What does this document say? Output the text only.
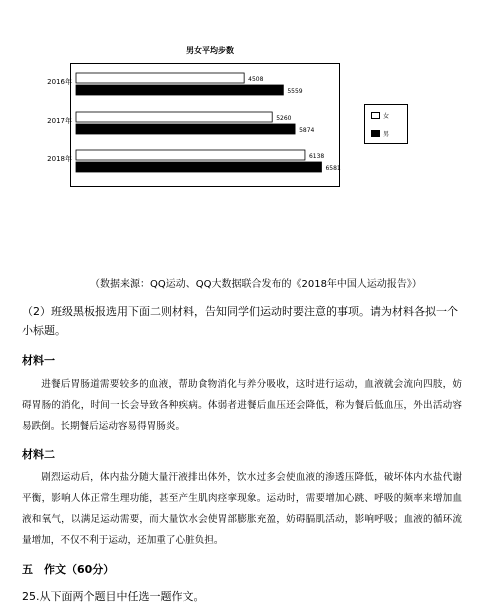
男女平均步数
2016年	4508
5559
2017年	5260
5874
2018年	6138
6581
女
男
（数据来源：QQ运动、QQ大数据联合发布的《2018年中国人运动报告》）
（2）班级黑板报选用下面二则材料，告知同学们运动时要注意的事项。请为材料各拟一个小标题。
材料一
进餐后胃肠道需要较多的血液，帮助食物消化与养分吸收，这时进行运动，血液就会流向四肢，妨碍胃肠的消化，时间一长会导致各种疾病。体弱者进餐后血压还会降低，称为餐后低血压，外出活动容易跌倒。长期餐后运动容易得胃肠炎。
材料二
剧烈运动后，体内盐分随大量汗液排出体外，饮水过多会使血液的渗透压降低，破坏体内水盐代谢平衡，影响人体正常生理功能，甚至产生肌肉痉挛现象。运动时，需要增加心跳、呼吸的频率来增加血液和氧气，以满足运动需要，而大量饮水会使胃部膨胀充盈，妨碍膈肌活动，影响呼吸；血液的循环流量增加，不仅不利于运动，还加重了心脏负担。
五　作文（60分）
25.从下面两个题目中任选一题作文。
